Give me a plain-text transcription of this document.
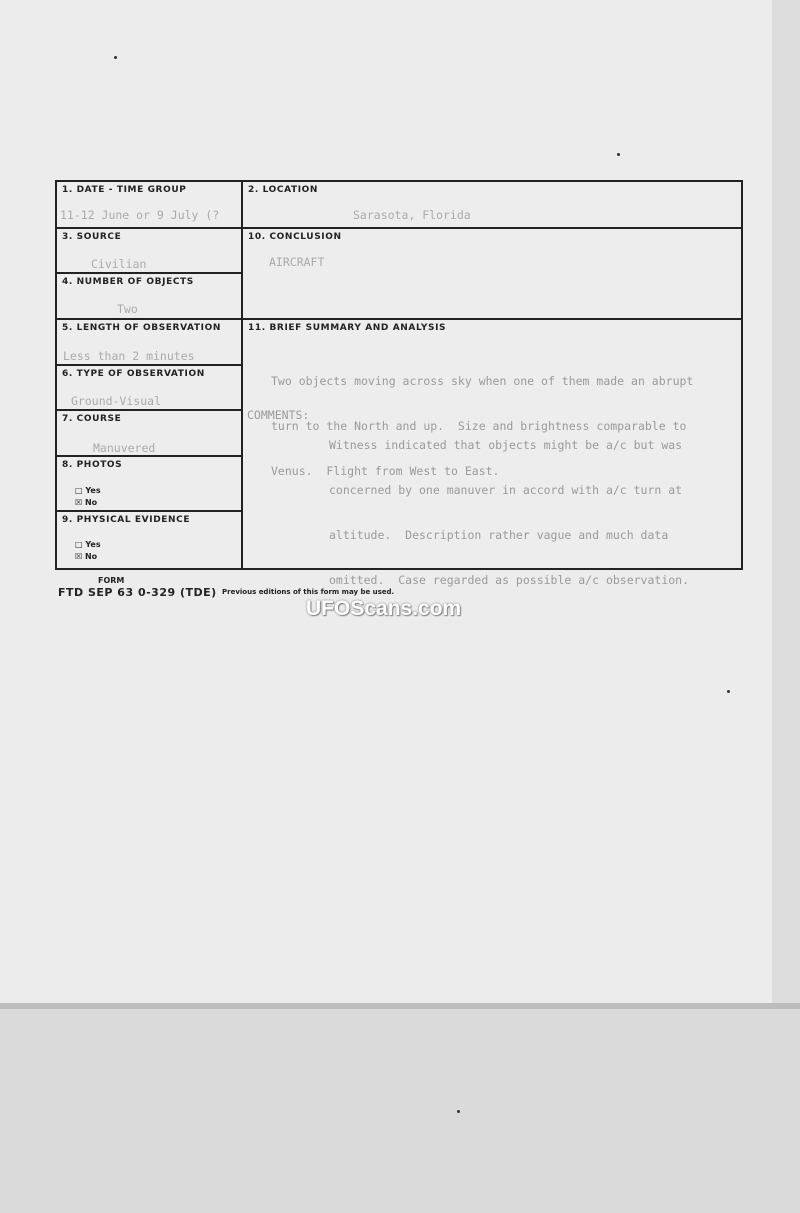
1. DATE - TIME GROUP
11-12 June or 9 July (?
3. SOURCE
Civilian
4. NUMBER OF OBJECTS
Two
5. LENGTH OF OBSERVATION
Less than 2 minutes
6. TYPE OF OBSERVATION
Ground-Visual
7. COURSE
Manuvered
8. PHOTOS
□ Yes
☒ No
9. PHYSICAL EVIDENCE
□ Yes
☒ No
2. LOCATION
Sarasota, Florida
10. CONCLUSION
AIRCRAFT
11. BRIEF SUMMARY AND ANALYSIS

Two objects moving across sky when one of them made an abrupt

turn to the North and up.  Size and brightness comparable to

Venus.  Flight from West to East.

COMMENTS:

Witness indicated that objects might be a/c but was

concerned by one manuver in accord with a/c turn at

altitude.  Description rather vague and much data

omitted.  Case regarded as possible a/c observation.

FORM
FTD SEP 63 0-329 (TDE) Previous editions of this form may be used.
UFOScans.com
